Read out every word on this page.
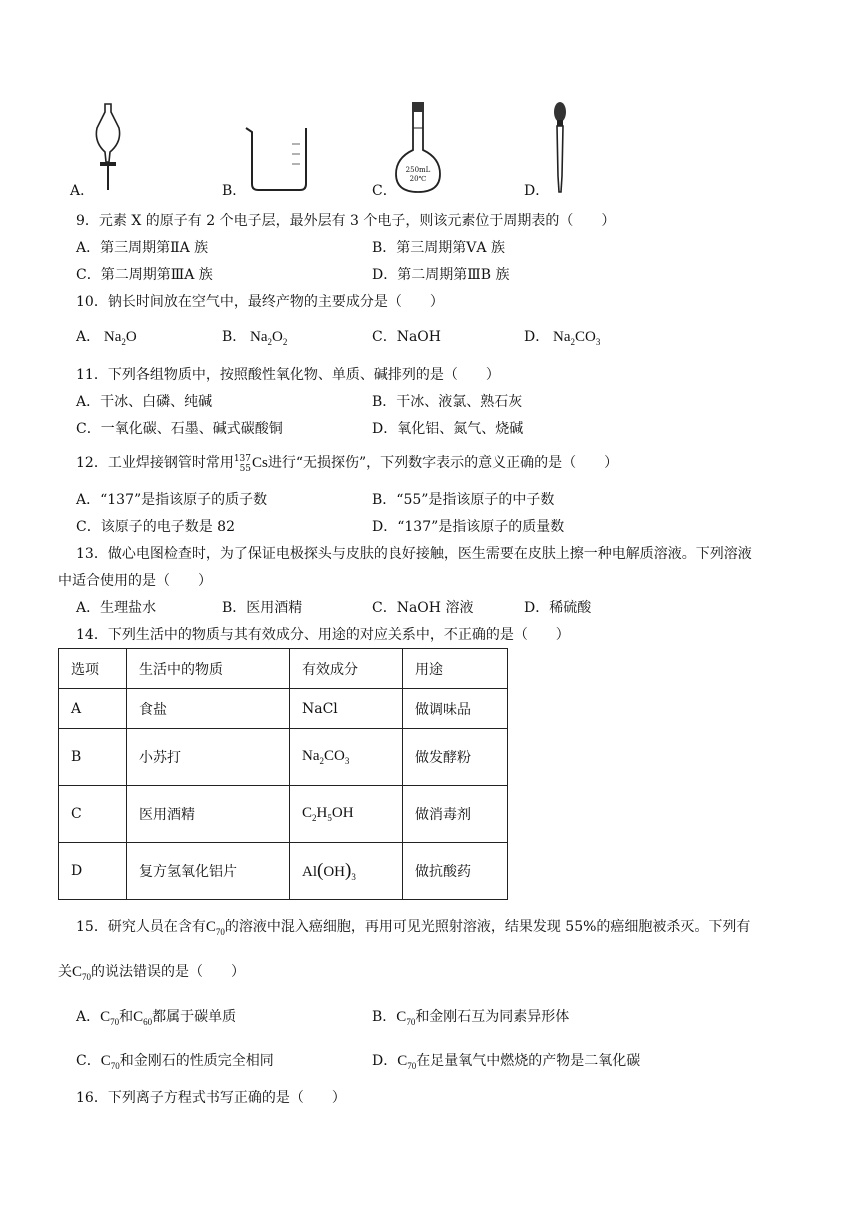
A．	B．	C．
250mL
20℃
D．
9．元素 X 的原子有 2 个电子层，最外层有 3 个电子，则该元素位于周期表的（　　）
A．第三周期第ⅡA 族	B．第三周期第ⅤA 族
C．第二周期第ⅢA 族	D．第二周期第ⅢB 族
10．钠长时间放在空气中，最终产物的主要成分是（　　）
A． $Na_2O$	B． $Na_2O_2$	C．NaOH	D． $Na_2CO_3$
11．下列各组物质中，按照酸性氧化物、单质、碱排列的是（　　）
A．干冰、白磷、纯碱	B．干冰、液氯、熟石灰
C．一氧化碳、石墨、碱式碳酸铜	D．氧化铝、氮气、烧碱
12．工业焊接钢管时常用137
55Cs进行“无损探伤”，下列数字表示的意义正确的是（　　）
A．“137”是指该原子的质子数	B．“55”是指该原子的中子数
C．该原子的电子数是 82	D．“137”是指该原子的质量数
13．做心电图检查时，为了保证电极探头与皮肤的良好接触，医生需要在皮肤上擦一种电解质溶液。下列溶液
中适合使用的是（　　）
A．生理盐水	B．医用酒精	C．NaOH 溶液	D．稀硫酸
14．下列生活中的物质与其有效成分、用途的对应关系中，不正确的是（　　）
选项	生活中的物质	有效成分	用途
A	食盐	NaCl	做调味品
B	小苏打	$Na_2CO_3$	做发酵粉
C	医用酒精	$C_2H_5OH$	做消毒剂
D	复方氢氧化铝片	$Al(OH)_3$	做抗酸药
15．研究人员在含有$C_{70}$的溶液中混入癌细胞，再用可见光照射溶液，结果发现 55%的癌细胞被杀灭。下列有
关$C_{70}$的说法错误的是（　　）
A．$C_{70}$和$C_{60}$都属于碳单质	B．$C_{70}$和金刚石互为同素异形体
C．$C_{70}$和金刚石的性质完全相同	D．$C_{70}$在足量氧气中燃烧的产物是二氧化碳
16．下列离子方程式书写正确的是（　　）
